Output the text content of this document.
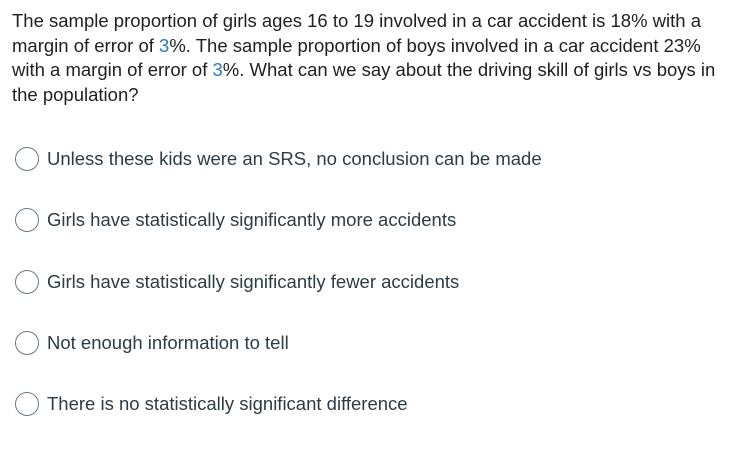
The sample proportion of girls ages 16 to 19 involved in a car accident is 18% with a margin of error of 3%. The sample proportion of boys involved in a car accident 23% with a margin of error of 3%. What can we say about the driving skill of girls vs boys in the population?
Unless these kids were an SRS, no conclusion can be made
Girls have statistically significantly more accidents
Girls have statistically significantly fewer accidents
Not enough information to tell
There is no statistically significant difference
